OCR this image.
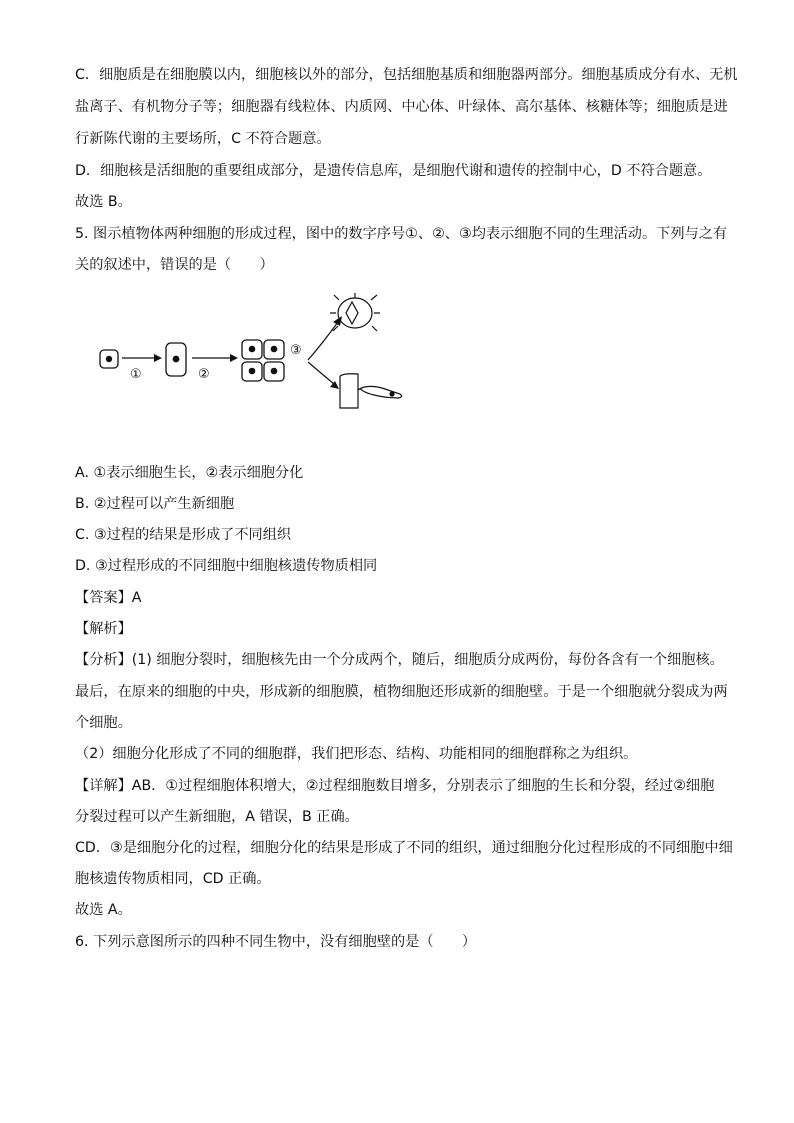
C．细胞质是在细胞膜以内，细胞核以外的部分，包括细胞基质和细胞器两部分。细胞基质成分有水、无机
盐离子、有机物分子等；细胞器有线粒体、内质网、中心体、叶绿体、高尔基体、核糖体等；细胞质是进
行新陈代谢的主要场所，C 不符合题意。
D．细胞核是活细胞的重要组成部分，是遗传信息库，是细胞代谢和遗传的控制中心，D 不符合题意。
故选 B。
5. 图示植物体两种细胞的形成过程，图中的数字序号①、②、③均表示细胞不同的生理活动。下列与之有
关的叙述中，错误的是（　　）
①	②
③
A. ①表示细胞生长，②表示细胞分化
B. ②过程可以产生新细胞
C. ③过程的结果是形成了不同组织
D. ③过程形成的不同细胞中细胞核遗传物质相同
【答案】A
【解析】
【分析】(1) 细胞分裂时，细胞核先由一个分成两个，随后，细胞质分成两份，每份各含有一个细胞核。
最后，在原来的细胞的中央，形成新的细胞膜，植物细胞还形成新的细胞壁。于是一个细胞就分裂成为两
个细胞。
（2）细胞分化形成了不同的细胞群，我们把形态、结构、功能相同的细胞群称之为组织。
【详解】AB．①过程细胞体积增大，②过程细胞数目增多，分别表示了细胞的生长和分裂，经过②细胞
分裂过程可以产生新细胞，A 错误，B 正确。
CD．③是细胞分化的过程，细胞分化的结果是形成了不同的组织，通过细胞分化过程形成的不同细胞中细
胞核遗传物质相同，CD 正确。
故选 A。
6. 下列示意图所示的四种不同生物中，没有细胞壁的是（　　）
